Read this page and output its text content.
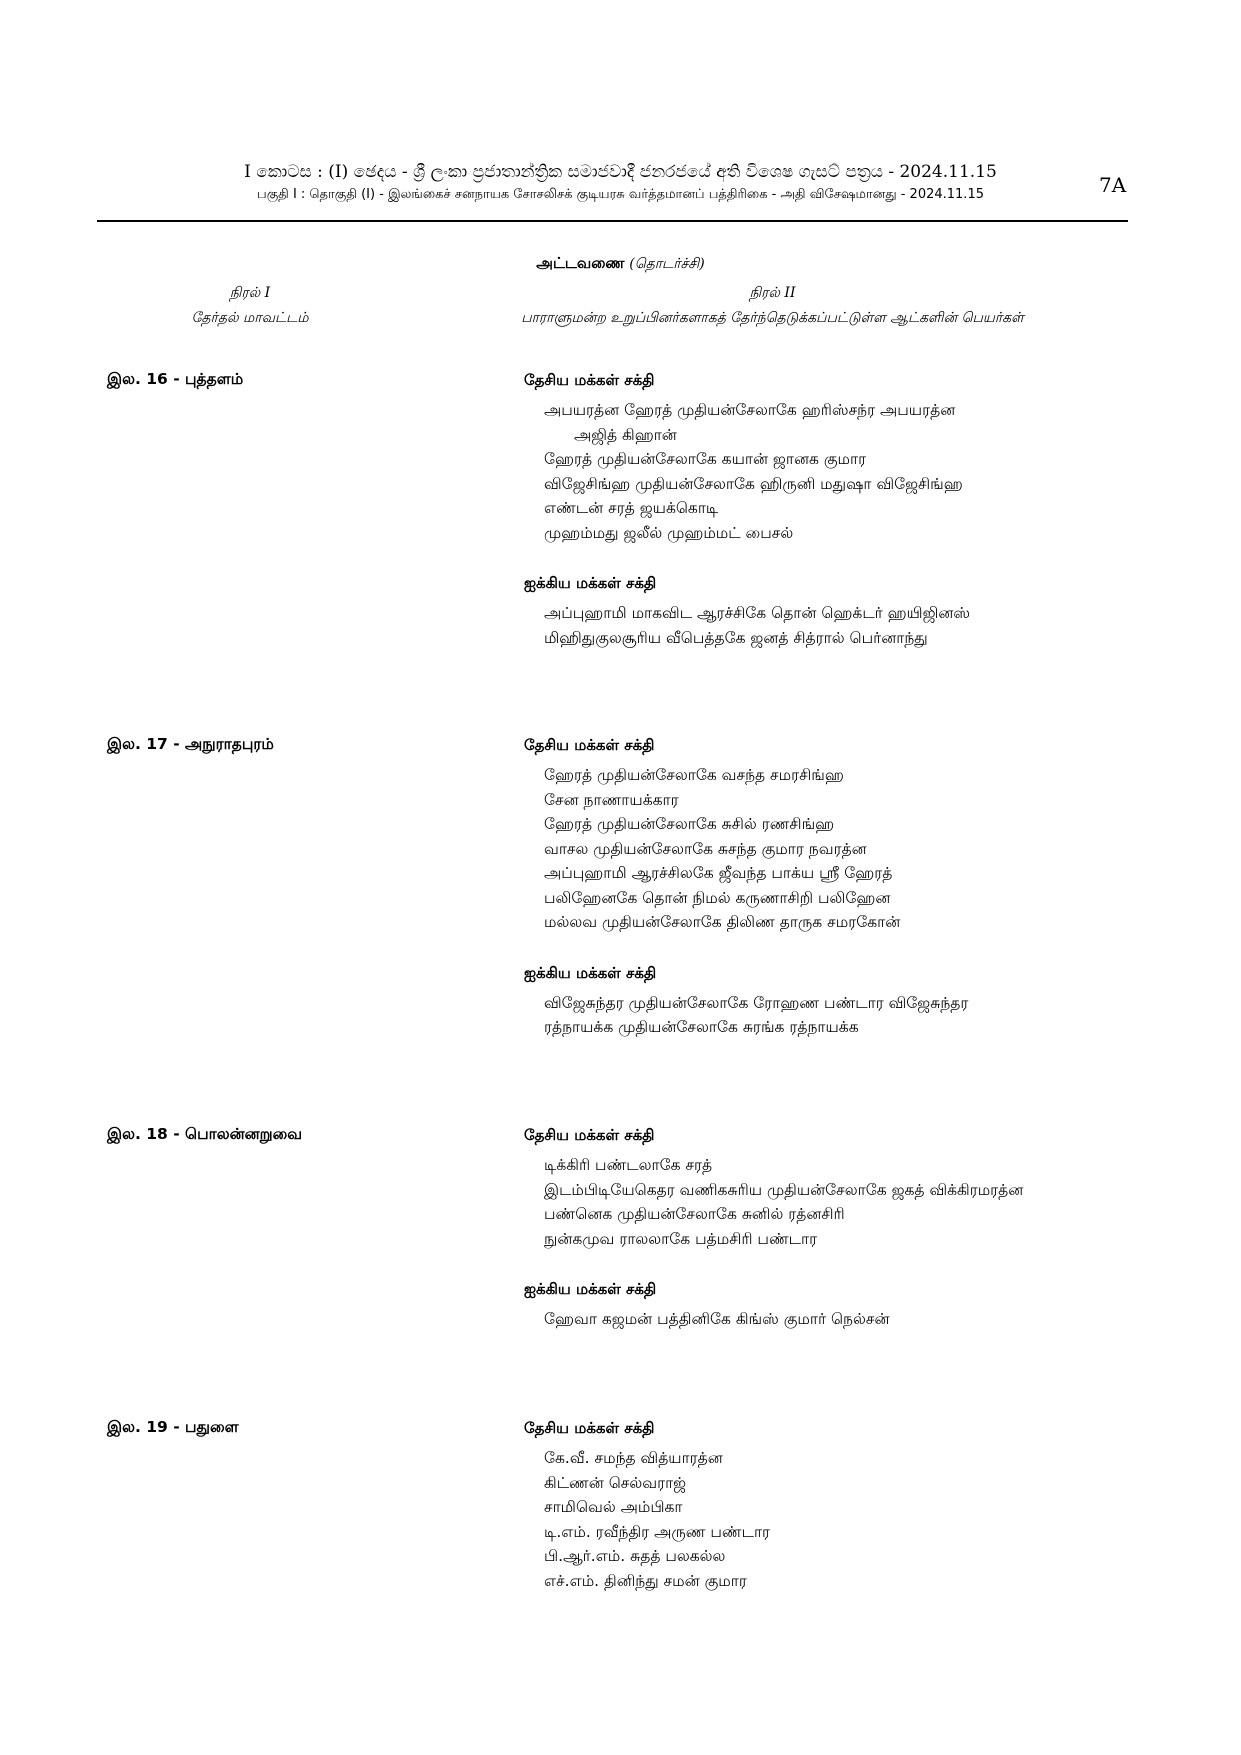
I කොටස : (I) ඡෙදය - ශ්‍රී ලංකා ප්‍රජාතාන්ත්‍රික සමාජවාදී ජනරජයේ අති විශෙෂ ගැසට් පත්‍රය - 2024.11.15
பகுதி I : தொகுதி (I) - இலங்கைச் சனநாயக சோசலிசக் குடியரசு வர்த்தமானப் பத்திரிகை - அதி விசேஷமானது - 2024.11.15	7A
அட்டவணை (தொடர்ச்சி)
நிரல் I
தேர்தல் மாவட்டம்
நிரல் II
பாராளுமன்ற உறுப்பினர்களாகத் தேர்ந்தெடுக்கப்பட்டுள்ள ஆட்களின் பெயர்கள்
இல. 16 - புத்தளம்	தேசிய மக்கள் சக்தி
அபயரத்ன ஹேரத் முதியன்சேலாகே ஹரிஸ்சந்ர அபயரத்ன
அஜித் கிஹான்
ஹேரத் முதியன்சேலாகே கயான் ஜானக குமார
விஜேசிங்ஹ முதியன்சேலாகே ஹிருனி மதுஷா விஜேசிங்ஹ
எண்டன் சரத் ஜயக்கொடி
முஹம்மது ஜலீல் முஹம்மட் பைசல்
ஐக்கிய மக்கள் சக்தி
அப்புஹாமி மாகவிட ஆரச்சிகே தொன் ஹெக்டர் ஹயிஜினஸ்
மிஹிதுகுலசூரிய வீபெத்தகே ஜனத் சித்ரால் பெர்னாந்து
இல. 17 - அநுராதபுரம்	தேசிய மக்கள் சக்தி
ஹேரத் முதியன்சேலாகே வசந்த சமரசிங்ஹ
சேன நாணாயக்கார
ஹேரத் முதியன்சேலாகே சுசில் ரணசிங்ஹ
வாசல முதியன்சேலாகே சுசந்த குமார நவரத்ன
அப்புஹாமி ஆரச்சிலகே ஜீவந்த பாக்ய ஸ்ரீ ஹேரத்
பலிஹேனகே தொன் நிமல் கருணாசிறி பலிஹேன
மல்லவ முதியன்சேலாகே திலிண தாருக சமரகோன்
ஐக்கிய மக்கள் சக்தி
விஜேசுந்தர முதியன்சேலாகே ரோஹண பண்டார விஜேசுந்தர
ரத்நாயக்க முதியன்சேலாகே சுரங்க ரத்நாயக்க
இல. 18 - பொலன்னறுவை	தேசிய மக்கள் சக்தி
டிக்கிரி பண்டலாகே சரத்
இடம்பிடியேகெதர வணிகசுரிய முதியன்சேலாகே ஜகத் விக்கிரமரத்ன
பண்னெக முதியன்சேலாகே சுனில் ரத்னசிரி
நுன்கமுவ ராலலாகே பத்மசிரி பண்டார
ஐக்கிய மக்கள் சக்தி
ஹேவா கஜமன் பத்தினிகே கிங்ஸ் குமார் நெல்சன்
இல. 19 - பதுளை	தேசிய மக்கள் சக்தி
கே.வீ. சமந்த வித்யாரத்ன
கிட்ணன் செல்வராஜ்
சாமிவெல் அம்பிகா
டி.எம். ரவீந்திர அருண பண்டார
பி.ஆர்.எம். சுதத் பலகல்ல
எச்.எம். தினிந்து சமன் குமார
